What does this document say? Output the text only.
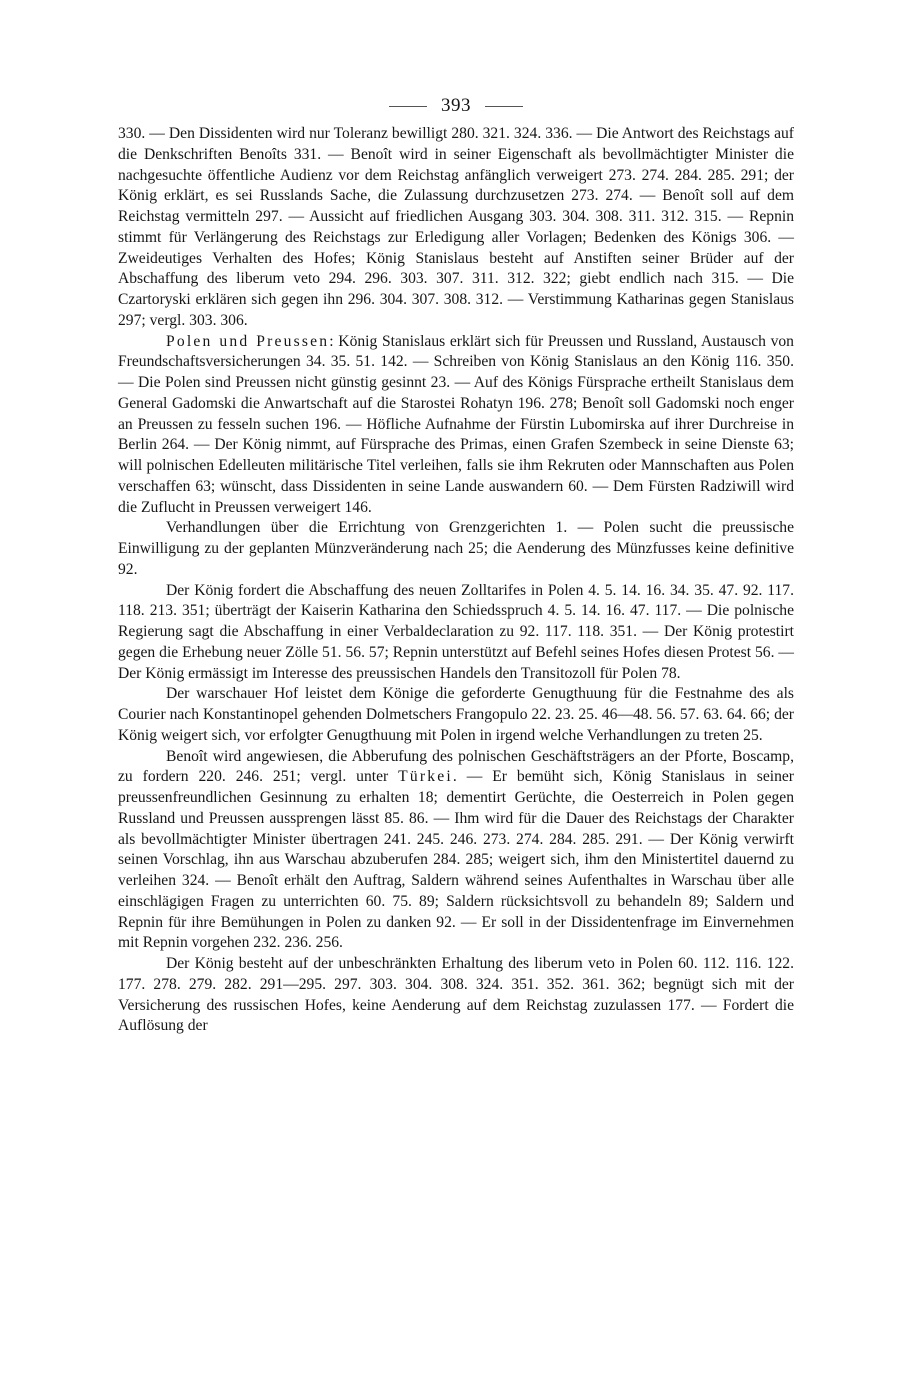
393

330. — Den Dissidenten wird nur Toleranz bewilligt 280. 321. 324. 336. — Die Antwort des Reichstags auf die Denkschriften Benoîts 331. — Benoît wird in seiner Eigenschaft als bevollmächtigter Minister die nachgesuchte öffentliche Audienz vor dem Reichstag anfänglich verweigert 273. 274. 284. 285. 291; der König erklärt, es sei Russlands Sache, die Zulassung durchzusetzen 273. 274. — Benoît soll auf dem Reichstag vermitteln 297. — Aussicht auf friedlichen Ausgang 303. 304. 308. 311. 312. 315. — Repnin stimmt für Verlängerung des Reichstags zur Erledigung aller Vorlagen; Bedenken des Königs 306. — Zweideutiges Verhalten des Hofes; König Stanislaus besteht auf Anstiften seiner Brüder auf der Abschaffung des liberum veto 294. 296. 303. 307. 311. 312. 322; giebt endlich nach 315. — Die Czartoryski erklären sich gegen ihn 296. 304. 307. 308. 312. — Verstimmung Katharinas gegen Stanislaus 297; vergl. 303. 306.

Polen und Preussen: König Stanislaus erklärt sich für Preussen und Russland, Austausch von Freundschaftsversicherungen 34. 35. 51. 142. — Schreiben von König Stanislaus an den König 116. 350. — Die Polen sind Preussen nicht günstig gesinnt 23. — Auf des Königs Fürsprache ertheilt Stanislaus dem General Gadomski die Anwartschaft auf die Starostei Rohatyn 196. 278; Benoît soll Gadomski noch enger an Preussen zu fesseln suchen 196. — Höfliche Aufnahme der Fürstin Lubomirska auf ihrer Durchreise in Berlin 264. — Der König nimmt, auf Fürsprache des Primas, einen Grafen Szembeck in seine Dienste 63; will polnischen Edelleuten militärische Titel verleihen, falls sie ihm Rekruten oder Mannschaften aus Polen verschaffen 63; wünscht, dass Dissidenten in seine Lande auswandern 60. — Dem Fürsten Radziwill wird die Zuflucht in Preussen verweigert 146.

Verhandlungen über die Errichtung von Grenzgerichten 1. — Polen sucht die preussische Einwilligung zu der geplanten Münzveränderung nach 25; die Aenderung des Münzfusses keine definitive 92.

Der König fordert die Abschaffung des neuen Zolltarifes in Polen 4. 5. 14. 16. 34. 35. 47. 92. 117. 118. 213. 351; überträgt der Kaiserin Katharina den Schiedsspruch 4. 5. 14. 16. 47. 117. — Die polnische Regierung sagt die Abschaffung in einer Verbaldeclaration zu 92. 117. 118. 351. — Der König protestirt gegen die Erhebung neuer Zölle 51. 56. 57; Repnin unterstützt auf Befehl seines Hofes diesen Protest 56. — Der König ermässigt im Interesse des preussischen Handels den Transitozoll für Polen 78.

Der warschauer Hof leistet dem Könige die geforderte Genugthuung für die Festnahme des als Courier nach Konstantinopel gehenden Dolmetschers Frangopulo 22. 23. 25. 46—48. 56. 57. 63. 64. 66; der König weigert sich, vor erfolgter Genugthuung mit Polen in irgend welche Verhandlungen zu treten 25.

Benoît wird angewiesen, die Abberufung des polnischen Geschäftsträgers an der Pforte, Boscamp, zu fordern 220. 246. 251; vergl. unter Türkei. — Er bemüht sich, König Stanislaus in seiner preussenfreundlichen Gesinnung zu erhalten 18; dementirt Gerüchte, die Oesterreich in Polen gegen Russland und Preussen aussprengen lässt 85. 86. — Ihm wird für die Dauer des Reichstags der Charakter als bevollmächtigter Minister übertragen 241. 245. 246. 273. 274. 284. 285. 291. — Der König verwirft seinen Vorschlag, ihn aus Warschau abzuberufen 284. 285; weigert sich, ihm den Ministertitel dauernd zu verleihen 324. — Benoît erhält den Auftrag, Saldern während seines Aufenthaltes in Warschau über alle einschlägigen Fragen zu unterrichten 60. 75. 89; Saldern rücksichtsvoll zu behandeln 89; Saldern und Repnin für ihre Bemühungen in Polen zu danken 92. — Er soll in der Dissidentenfrage im Einvernehmen mit Repnin vorgehen 232. 236. 256.

Der König besteht auf der unbeschränkten Erhaltung des liberum veto in Polen 60. 112. 116. 122. 177. 278. 279. 282. 291—295. 297. 303. 304. 308. 324. 351. 352. 361. 362; begnügt sich mit der Versicherung des russischen Hofes, keine Aenderung auf dem Reichstag zuzulassen 177. — Fordert die Auflösung der
